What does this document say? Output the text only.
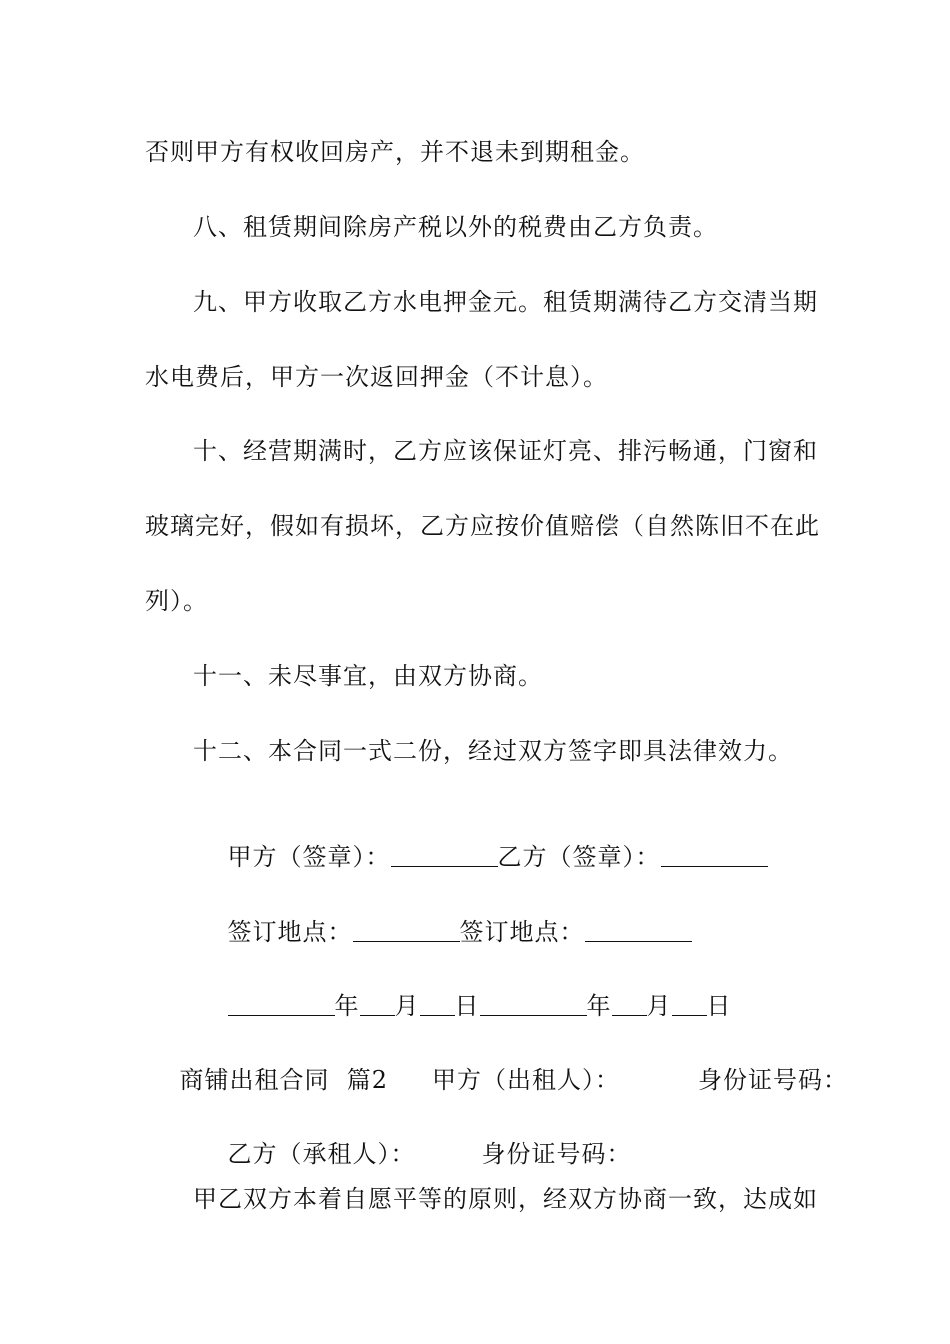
否则甲方有权收回房产，并不退未到期租金。
八、租赁期间除房产税以外的税费由乙方负责。
九、甲方收取乙方水电押金元。租赁期满待乙方交清当期
水电费后，甲方一次返回押金（不计息）。
十、经营期满时，乙方应该保证灯亮、排污畅通，门窗和
玻璃完好，假如有损坏，乙方应按价值赔偿（自然陈旧不在此
列）。
十一、未尽事宜，由双方协商。
十二、本合同一式二份，经过双方签字即具法律效力。

甲方（签章）：	乙方（签章）：

签订地点：	签订地点：

年 月 日	年 月 日

商铺出租合同  篇2 甲方（出租人）：	身份证号码：

乙方（承租人）：	身份证号码：

甲乙双方本着自愿平等的原则，经双方协商一致，达成如
